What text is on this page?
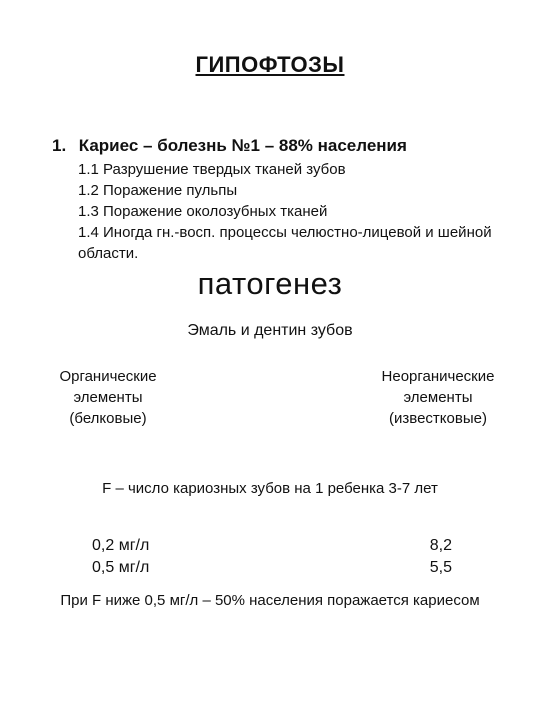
ГИПОФТОЗЫ
1. Кариес – болезнь №1 – 88% населения
1.1 Разрушение твердых тканей зубов
1.2 Поражение пульпы
1.3 Поражение околозубных тканей
1.4 Иногда гн.-восп. процессы челюстно-лицевой и шейной области.
патогенез
Эмаль и дентин зубов
Органические
элементы
(белковые)
Неорганические
элементы
(известковые)
F – число кариозных зубов на 1 ребенка 3-7 лет
0,2 мг/л
0,5 мг/л
8,2
5,5
При F ниже 0,5 мг/л – 50% населения поражается кариесом
